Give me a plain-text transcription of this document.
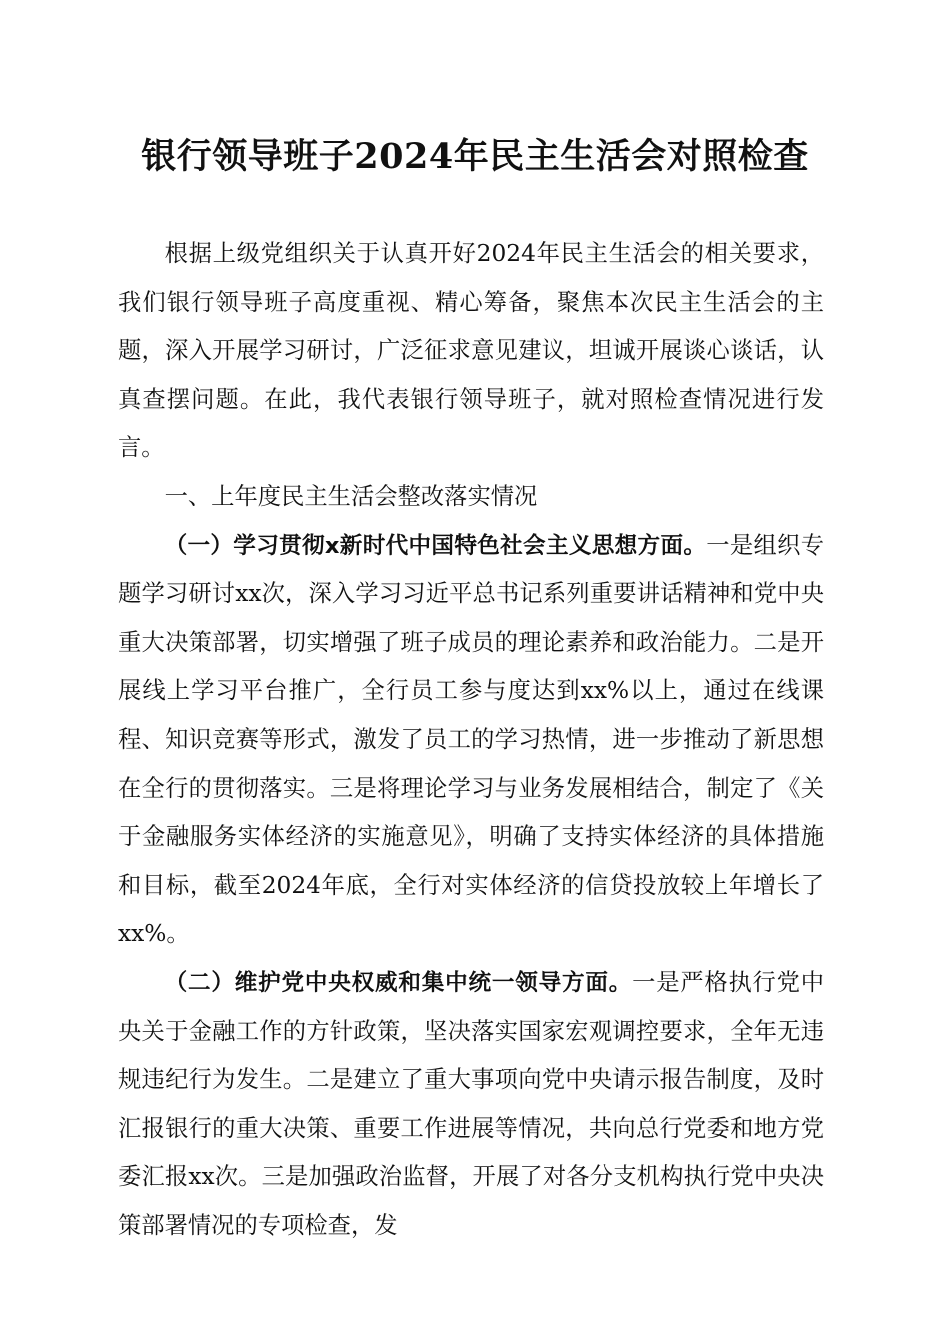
银行领导班子2024年民主生活会对照检查

根据上级党组织关于认真开好2024年民主生活会的相关要求，我们银行领导班子高度重视、精心筹备，聚焦本次民主生活会的主题，深入开展学习研讨，广泛征求意见建议，坦诚开展谈心谈话，认真查摆问题。在此，我代表银行领导班子，就对照检查情况进行发言。

一、上年度民主生活会整改落实情况

（一）学习贯彻x新时代中国特色社会主义思想方面。一是组织专题学习研讨xx次，深入学习习近平总书记系列重要讲话精神和党中央重大决策部署，切实增强了班子成员的理论素养和政治能力。二是开展线上学习平台推广，全行员工参与度达到xx%以上，通过在线课程、知识竞赛等形式，激发了员工的学习热情，进一步推动了新思想在全行的贯彻落实。三是将理论学习与业务发展相结合，制定了《关于金融服务实体经济的实施意见》，明确了支持实体经济的具体措施和目标，截至2024年底，全行对实体经济的信贷投放较上年增长了xx%。

（二）维护党中央权威和集中统一领导方面。一是严格执行党中央关于金融工作的方针政策，坚决落实国家宏观调控要求，全年无违规违纪行为发生。二是建立了重大事项向党中央请示报告制度，及时汇报银行的重大决策、重要工作进展等情况，共向总行党委和地方党委汇报xx次。三是加强政治监督，开展了对各分支机构执行党中央决策部署情况的专项检查，发
